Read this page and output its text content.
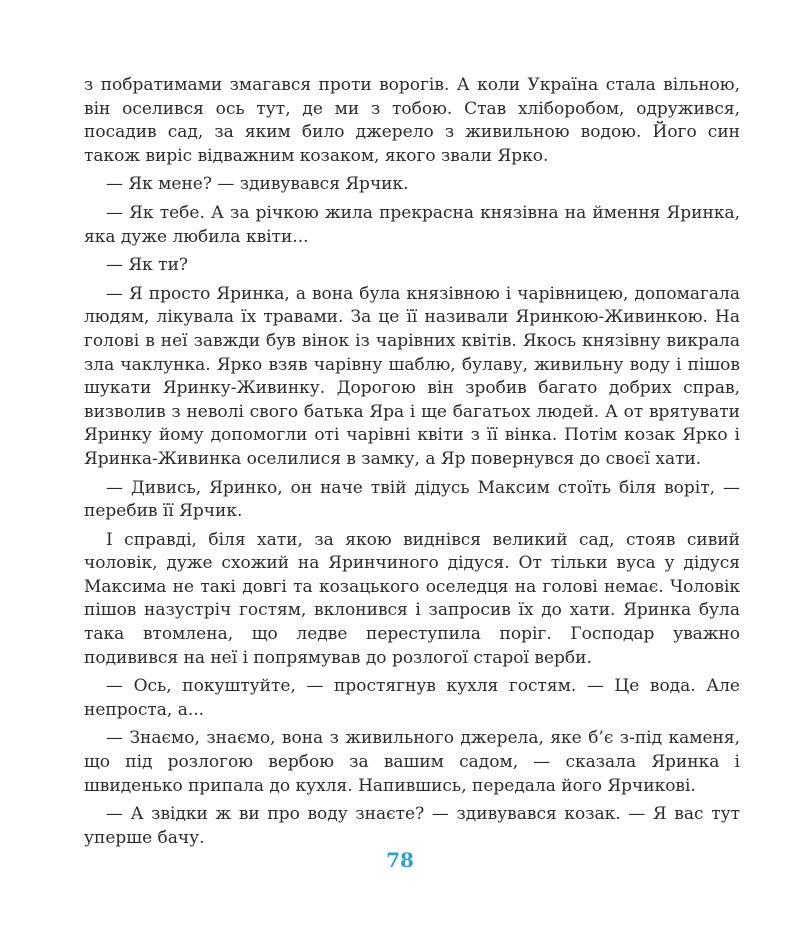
з побратимами змагався проти ворогів. А коли Україна стала вільною, він оселився ось тут, де ми з тобою. Став хліборобом, одружився, посадив сад, за яким било джерело з живильною водою. Його син також виріс відважним козаком, якого звали Ярко.

— Як мене? — здивувався Ярчик.

— Як тебе. А за річкою жила прекрасна князівна на ймення Яринка, яка дуже любила квіти...

— Як ти?

— Я просто Яринка, а вона була князівною і чарівницею, допомагала людям, лікувала їх травами. За це її називали Яринкою-Живинкою. На голові в неї завжди був вінок із чарівних квітів. Якось князівну викрала зла чаклунка. Ярко взяв чарівну шаблю, булаву, живильну воду і пішов шукати Яринку-Живинку. Дорогою він зробив багато добрих справ, визволив з неволі свого батька Яра і ще багатьох людей. А от врятувати Яринку йому допомогли оті чарівні квіти з її вінка. Потім козак Ярко і Яринка-Живинка оселилися в замку, а Яр повернувся до своєї хати.

— Дивись, Яринко, он наче твій дідусь Максим стоїть біля воріт, — перебив її Ярчик.

І справді, біля хати, за якою виднівся великий сад, стояв сивий чоловік, дуже схожий на Яринчиного дідуся. От тільки вуса у дідуся Максима не такі довгі та козацького оселедця на голові немає. Чоловік пішов назустріч гостям, вклонився і запросив їх до хати. Яринка була така втомлена, що ледве переступила поріг. Господар уважно подивився на неї і попрямував до розлогої старої верби.

— Ось, покуштуйте, — простягнув кухля гостям. — Це вода. Але непроста, а...

— Знаємо, знаємо, вона з живильного джерела, яке б’є з-під каменя, що під розлогою вербою за вашим садом, — сказала Яринка і швиденько припала до кухля. Напившись, передала його Ярчикові.

— А звідки ж ви про воду знаєте? — здивувався козак. — Я вас тут уперше бачу.

78
